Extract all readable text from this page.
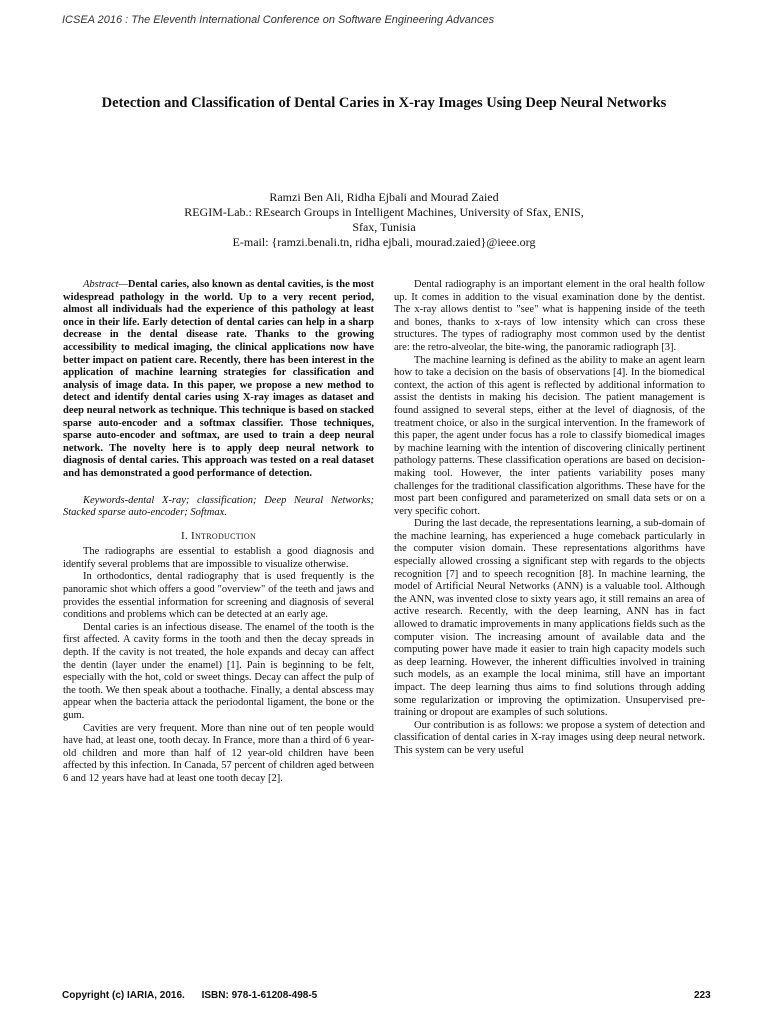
ICSEA 2016 : The Eleventh International Conference on Software Engineering Advances
Detection and Classification of Dental Caries in X-ray Images Using Deep Neural Networks
Ramzi Ben Ali, Ridha Ejbali and Mourad Zaied
REGIM-Lab.: REsearch Groups in Intelligent Machines, University of Sfax, ENIS,
Sfax, Tunisia
E-mail: {ramzi.benali.tn, ridha ejbali, mourad.zaied}@ieee.org

Abstract—Dental caries, also known as dental cavities, is the most widespread pathology in the world. Up to a very recent period, almost all individuals had the experience of this pathology at least once in their life. Early detection of dental caries can help in a sharp decrease in the dental disease rate. Thanks to the growing accessibility to medical imaging, the clinical applications now have better impact on patient care. Recently, there has been interest in the application of machine learning strategies for classification and analysis of image data. In this paper, we propose a new method to detect and identify dental caries using X-ray images as dataset and deep neural network as technique. This technique is based on stacked sparse auto-encoder and a softmax classifier. Those techniques, sparse auto-encoder and softmax, are used to train a deep neural network. The novelty here is to apply deep neural network to diagnosis of dental caries. This approach was tested on a real dataset and has demonstrated a good performance of detection.

Keywords-dental X-ray; classification; Deep Neural Networks; Stacked sparse auto-encoder; Softmax.

I. Introduction

The radiographs are essential to establish a good diagnosis and identify several problems that are impossible to visualize otherwise.

In orthodontics, dental radiography that is used frequently is the panoramic shot which offers a good "overview" of the teeth and jaws and provides the essential information for screening and diagnosis of several conditions and problems which can be detected at an early age.

Dental caries is an infectious disease. The enamel of the tooth is the first affected. A cavity forms in the tooth and then the decay spreads in depth. If the cavity is not treated, the hole expands and decay can affect the dentin (layer under the enamel) [1]. Pain is beginning to be felt, especially with the hot, cold or sweet things. Decay can affect the pulp of the tooth. We then speak about a toothache. Finally, a dental abscess may appear when the bacteria attack the periodontal ligament, the bone or the gum.

Cavities are very frequent. More than nine out of ten people would have had, at least one, tooth decay. In France, more than a third of 6 year-old children and more than half of 12 year-old children have been affected by this infection. In Canada, 57 percent of children aged between 6 and 12 years have had at least one tooth decay [2].

Dental radiography is an important element in the oral health follow up. It comes in addition to the visual examination done by the dentist. The x-ray allows dentist to "see" what is happening inside of the teeth and bones, thanks to x-rays of low intensity which can cross these structures. The types of radiography most common used by the dentist are: the retro-alveolar, the bite-wing, the panoramic radiograph [3].

The machine learning is defined as the ability to make an agent learn how to take a decision on the basis of observations [4]. In the biomedical context, the action of this agent is reflected by additional information to assist the dentists in making his decision. The patient management is found assigned to several steps, either at the level of diagnosis, of the treatment choice, or also in the surgical intervention. In the framework of this paper, the agent under focus has a role to classify biomedical images by machine learning with the intention of discovering clinically pertinent pathology patterns. These classification operations are based on decision-making tool. However, the inter patients variability poses many challenges for the traditional classification algorithms. These have for the most part been configured and parameterized on small data sets or on a very specific cohort.

During the last decade, the representations learning, a sub-domain of the machine learning, has experienced a huge comeback particularly in the computer vision domain. These representations algorithms have especially allowed crossing a significant step with regards to the objects recognition [7] and to speech recognition [8]. In machine learning, the model of Artificial Neural Networks (ANN) is a valuable tool. Although the ANN, was invented close to sixty years ago, it still remains an area of active research. Recently, with the deep learning, ANN has in fact allowed to dramatic improvements in many applications fields such as the computer vision. The increasing amount of available data and the computing power have made it easier to train high capacity models such as deep learning. However, the inherent difficulties involved in training such models, as an example the local minima, still have an important impact. The deep learning thus aims to find solutions through adding some regularization or improving the optimization. Unsupervised pre-training or dropout are examples of such solutions.

Our contribution is as follows: we propose a system of detection and classification of dental caries in X-ray images using deep neural network. This system can be very useful

Copyright (c) IARIA, 2016. ISBN: 978-1-61208-498-5	223
